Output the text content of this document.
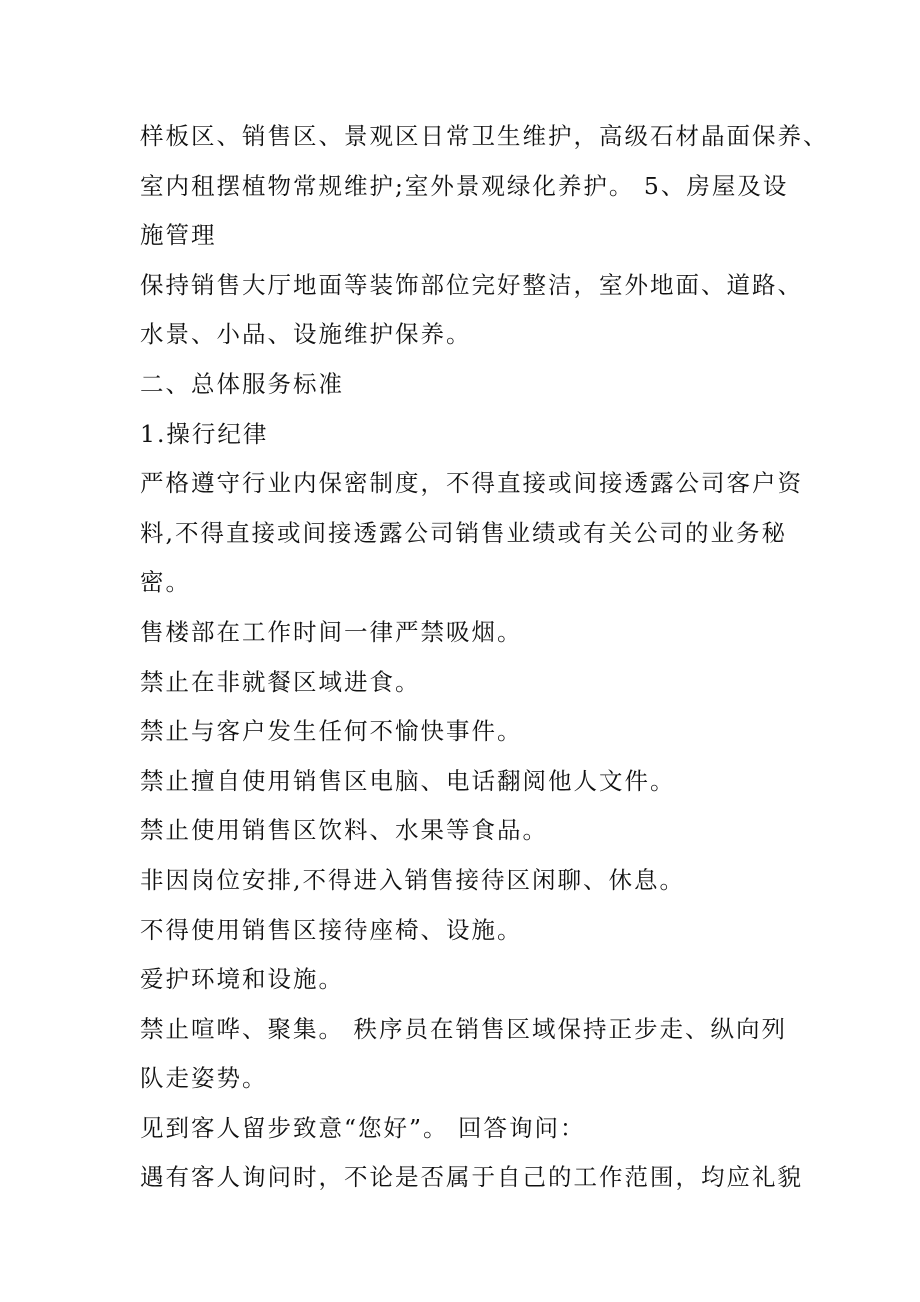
样板区、销售区、景观区日常卫生维护，高级石材晶面保养、

室内租摆植物常规维护;室外景观绿化养护。 5、房屋及设

施管理

保持销售大厅地面等装饰部位完好整洁，室外地面、道路、

水景、小品、设施维护保养。

二、总体服务标准

1.操行纪律

严格遵守行业内保密制度，不得直接或间接透露公司客户资

料,不得直接或间接透露公司销售业绩或有关公司的业务秘

密。

售楼部在工作时间一律严禁吸烟。

禁止在非就餐区域进食。

禁止与客户发生任何不愉快事件。

禁止擅自使用销售区电脑、电话翻阅他人文件。

禁止使用销售区饮料、水果等食品。

非因岗位安排,不得进入销售接待区闲聊、休息。

不得使用销售区接待座椅、设施。

爱护环境和设施。

禁止喧哗、聚集。 秩序员在销售区域保持正步走、纵向列

队走姿势。

见到客人留步致意“您好”。 回答询问：

遇有客人询问时，不论是否属于自己的工作范围，均应礼貌
